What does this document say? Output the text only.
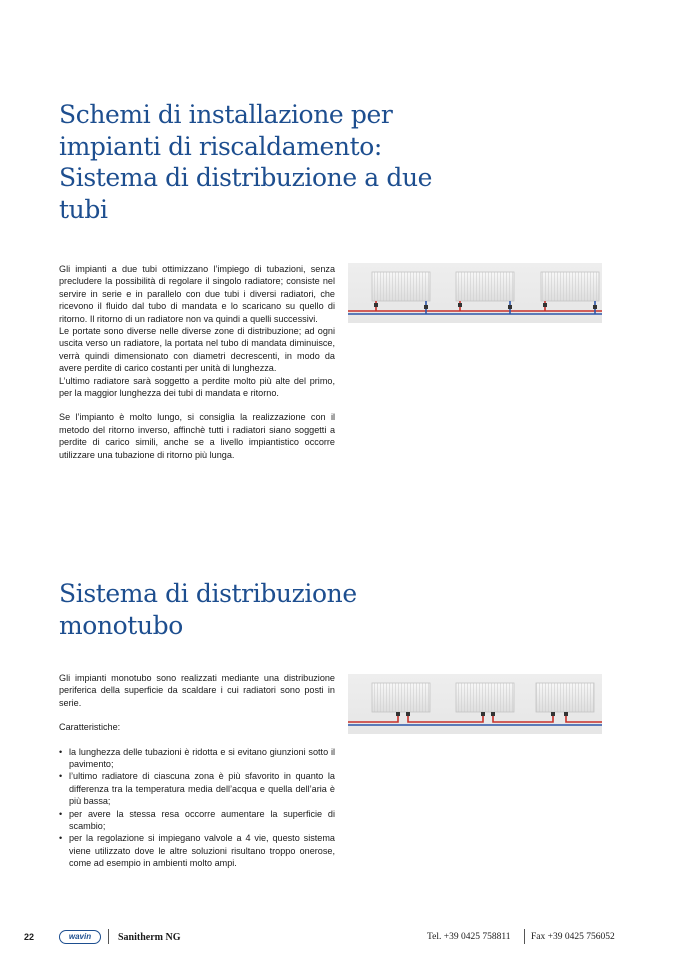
Schemi di installazione per impianti di riscaldamento: Sistema di distribuzione a due tubi

Gli impianti a due tubi ottimizzano l’impiego di tubazioni, senza precludere la possibilità di regolare il singolo radiatore; consiste nel servire in serie e in parallelo con due tubi i diversi radiatori, che ricevono il fluido dal tubo di mandata e lo scaricano su quello di ritorno. Il ritorno di un radiatore non va quindi a quelli successivi.

Le portate sono diverse nelle diverse zone di distribuzione; ad ogni uscita verso un radiatore, la portata nel tubo di mandata diminuisce, verrà quindi dimensionato con diametri decrescenti, in modo da avere perdite di carico costanti per unità di lunghezza.

L’ultimo radiatore sarà soggetto a perdite molto più alte del primo, per la maggior lunghezza dei tubi di mandata e ritorno.

Se l’impianto è molto lungo, si consiglia la realizzazione con il metodo del ritorno inverso, affinchè tutti i radiatori siano soggetti a perdite di carico simili, anche se a livello impiantistico occorre utilizzare una tubazione di ritorno più lunga.

Sistema di distribuzione monotubo

Gli impianti monotubo sono realizzati mediante una distribuzione periferica della superficie da scaldare i cui radiatori sono posti in serie.

Caratteristiche:

• la lunghezza delle tubazioni è ridotta e si evitano giunzioni sotto il pavimento;
• l’ultimo radiatore di ciascuna zona è più sfavorito in quanto la differenza tra la temperatura media dell’acqua e quella dell’aria è più bassa;
• per avere la stessa resa occorre aumentare la superficie di scambio;
• per la regolazione si impiegano valvole a 4 vie, questo sistema viene utilizzato dove le altre soluzioni risultano troppo onerose, come ad esempio in ambienti molto ampi.
22	wavin	Sanitherm NG	Tel. +39 0425 758811 Fax +39 0425 756052
